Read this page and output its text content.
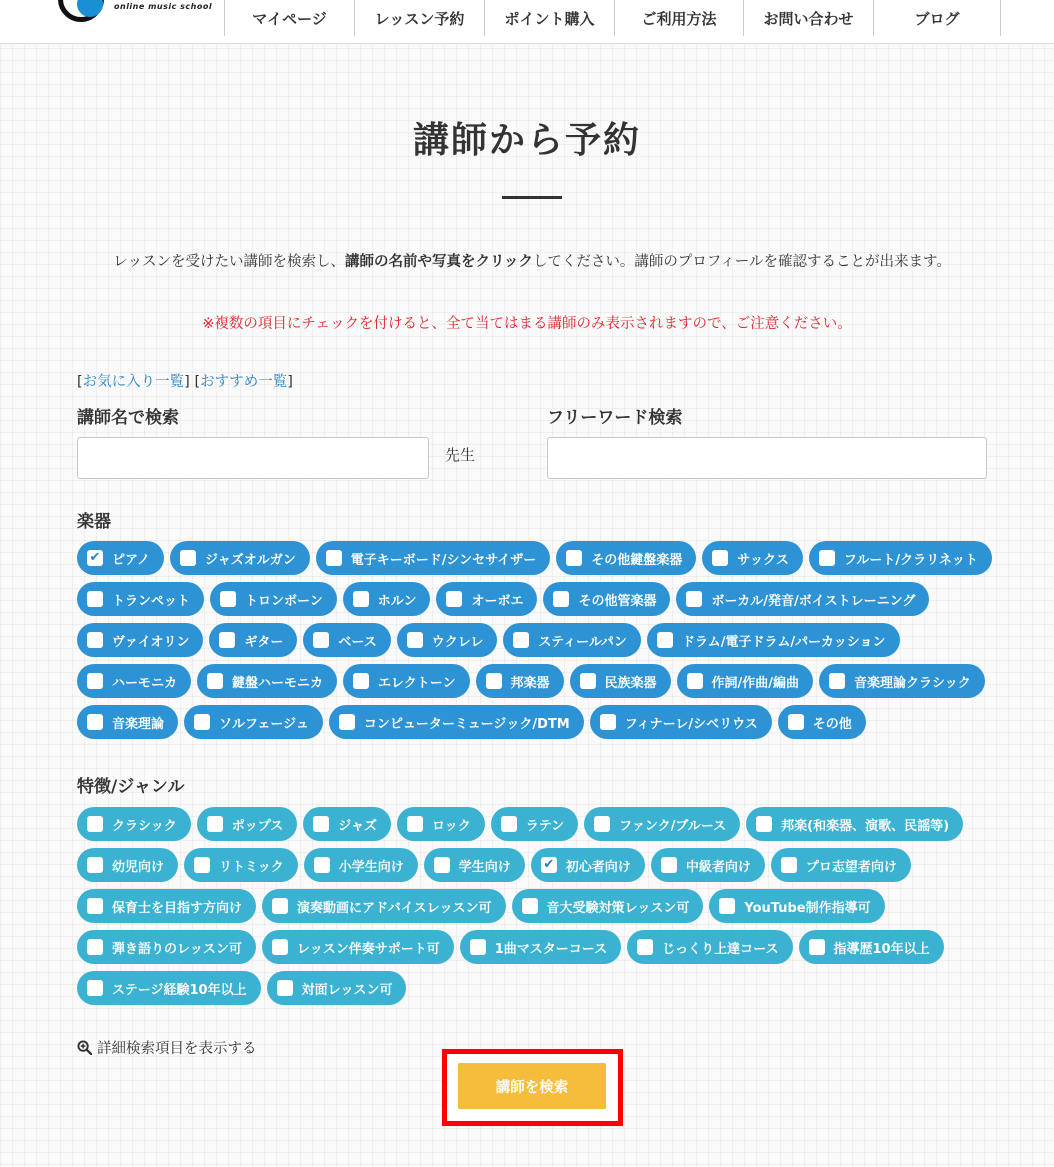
online music school
マイページ	レッスン予約	ポイント購入	ご利用方法	お問い合わせ	ブログ
講師から予約

レッスンを受けたい講師を検索し、講師の名前や写真をクリックしてください。講師のプロフィールを確認することが出来ます。

※複数の項目にチェックを付けると、全て当てはまる講師のみ表示されますので、ご注意ください。

[お気に入り一覧] [おすすめ一覧]
講師名で検索
先生
フリーワード検索
楽器
✔ ピアノ	ジャズオルガン	電子キーボード/シンセサイザー	その他鍵盤楽器	サックス	フルート/クラリネット
トランペット	トロンボーン	ホルン	オーボエ	その他管楽器	ボーカル/発音/ボイストレーニング
ヴァイオリン	ギター	ベース	ウクレレ	スティールパン	ドラム/電子ドラム/パーカッション
ハーモニカ	鍵盤ハーモニカ	エレクトーン	邦楽器	民族楽器	作詞/作曲/編曲	音楽理論クラシック
音楽理論	ソルフェージュ	コンピューターミュージック/DTM	フィナーレ/シベリウス	その他
特徴/ジャンル
クラシック	ポップス	ジャズ	ロック	ラテン	ファンク/ブルース	邦楽(和楽器、演歌、民謡等)
幼児向け	リトミック	小学生向け	学生向け	✔ 初心者向け	中級者向け	プロ志望者向け
保育士を目指す方向け	演奏動画にアドバイスレッスン可	音大受験対策レッスン可	YouTube制作指導可
弾き語りのレッスン可	レッスン伴奏サポート可	1曲マスターコース	じっくり上達コース	指導歴10年以上
ステージ経験10年以上	対面レッスン可
詳細検索項目を表示する
講師を検索
